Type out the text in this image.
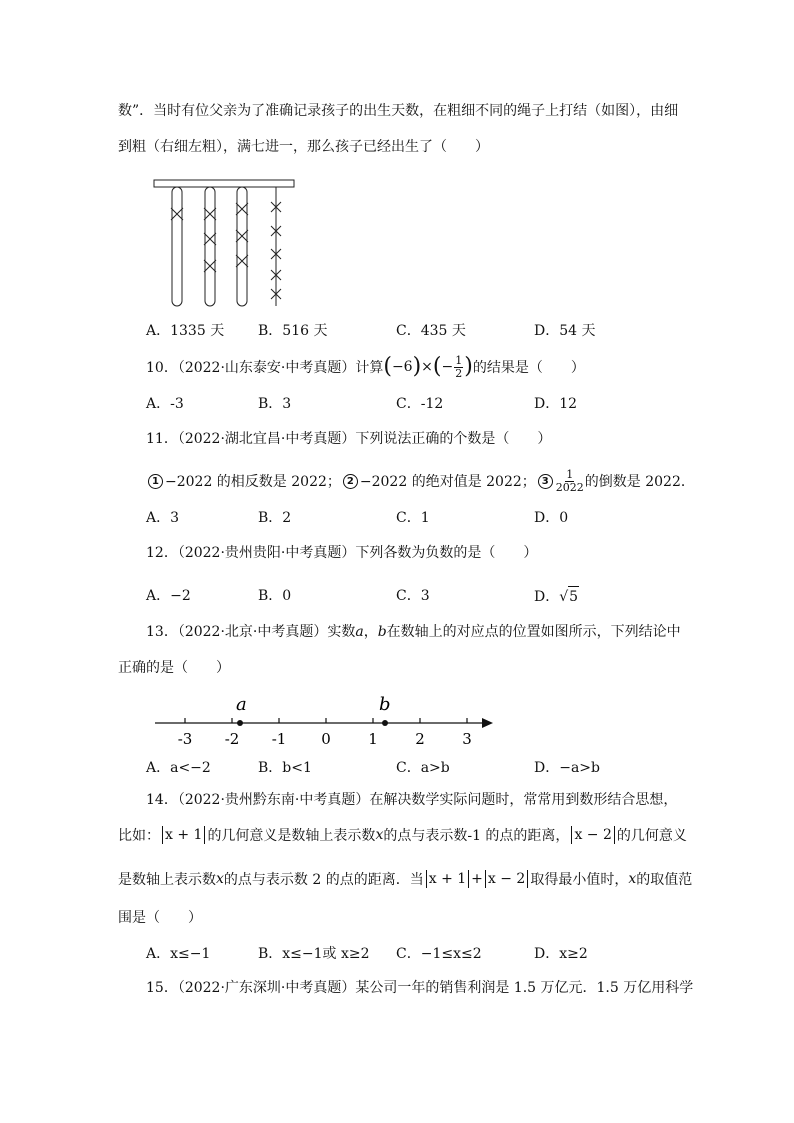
数”．当时有位父亲为了准确记录孩子的出生天数，在粗细不同的绳子上打结（如图），由细
到粗（右细左粗），满七进一，那么孩子已经出生了（　　）
A．1335 天 B．516 天	C．435 天	D．54 天
10．（2022·山东泰安·中考真题）计算 ( −6 ) × ( − $\frac{1}{2}$ ) 的结果是（　　）
A．-3	B．3	C．-12	D．12
11．（2022·湖北宜昌·中考真题）下列说法正确的个数是（　　）
1 −2022 的相反数是 2022； 2 −2022 的绝对值是 2022； $3 \frac{1}{2022}$ 的倒数是 2022．
A．3	B．2	C．1	D．0
12．（2022·贵州贵阳·中考真题）下列各数为负数的是（　　）
A．−2	B．0	C．3	D．√5
13．（2022·北京·中考真题）实数a，b在数轴上的对应点的位置如图所示，下列结论中
正确的是（　　）
-3 -2 -1 0 1 2 3
a	b
A．a<−2	B．b<1	C．a>b	D．−a>b
14．（2022·贵州黔东南·中考真题）在解决数学实际问题时，常常用到数形结合思想，
比如： x + 1 的几何意义是数轴上表示数 x 的点与表示数-1 的点的距离， x − 2 的几何意义
是数轴上表示数 x 的点与表示数 2 的点的距离．当 x + 1 + x − 2 取得最小值时， x 的取值范
围是（　　）
A．x≤−1	B．x≤−1或 x≥2 C．−1≤x≤2	D．x≥2
15．（2022·广东深圳·中考真题）某公司一年的销售利润是 1.5 万亿元．1.5 万亿用科学
